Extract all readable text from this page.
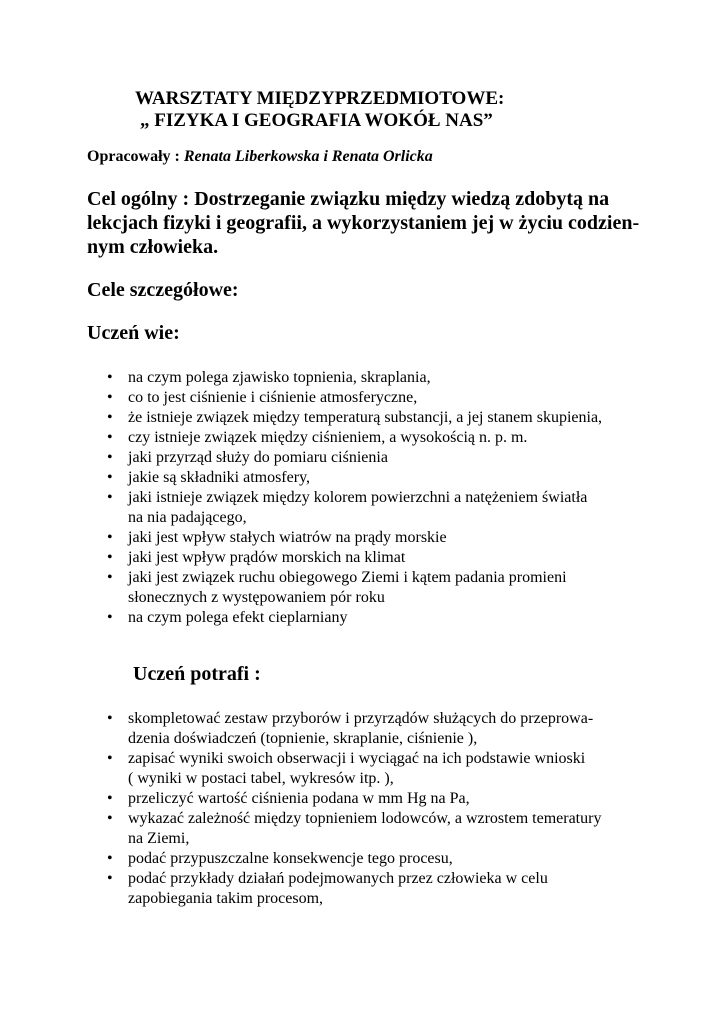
WARSZTATY MIĘDZYPRZEDMIOTOWE:
„ FIZYKA I GEOGRAFIA WOKÓŁ NAS”
Opracowały : Renata Liberkowska i Renata Orlicka
Cel ogólny : Dostrzeganie związku między wiedzą zdobytą na
lekcjach fizyki i geografii, a wykorzystaniem jej w życiu codzien-
nym człowieka.
Cele szczegółowe:
Uczeń wie:
• na czym polega zjawisko topnienia, skraplania,
• co to jest ciśnienie i ciśnienie atmosferyczne,
• że istnieje związek między temperaturą substancji, a jej stanem skupienia,
• czy istnieje związek między ciśnieniem, a wysokością n. p. m.
• jaki przyrząd służy do pomiaru ciśnienia
• jakie są składniki atmosfery,
• jaki istnieje związek między kolorem powierzchni a natężeniem światła
na nia padającego,
• jaki jest wpływ stałych wiatrów na prądy morskie
• jaki jest wpływ prądów morskich na klimat
• jaki jest związek ruchu obiegowego Ziemi i kątem padania promieni
słonecznych z występowaniem pór roku
• na czym polega efekt cieplarniany
Uczeń potrafi :
• skompletować zestaw przyborów i przyrządów służących do przeprowa-
dzenia doświadczeń (topnienie, skraplanie, ciśnienie ),
• zapisać wyniki swoich obserwacji i wyciągać na ich podstawie wnioski
( wyniki w postaci tabel, wykresów itp. ),
• przeliczyć wartość ciśnienia podana w mm Hg na Pa,
• wykazać zależność między topnieniem lodowców, a wzrostem temeratury
na Ziemi,
• podać przypuszczalne konsekwencje tego procesu,
• podać przykłady działań podejmowanych przez człowieka w celu
zapobiegania takim procesom,
